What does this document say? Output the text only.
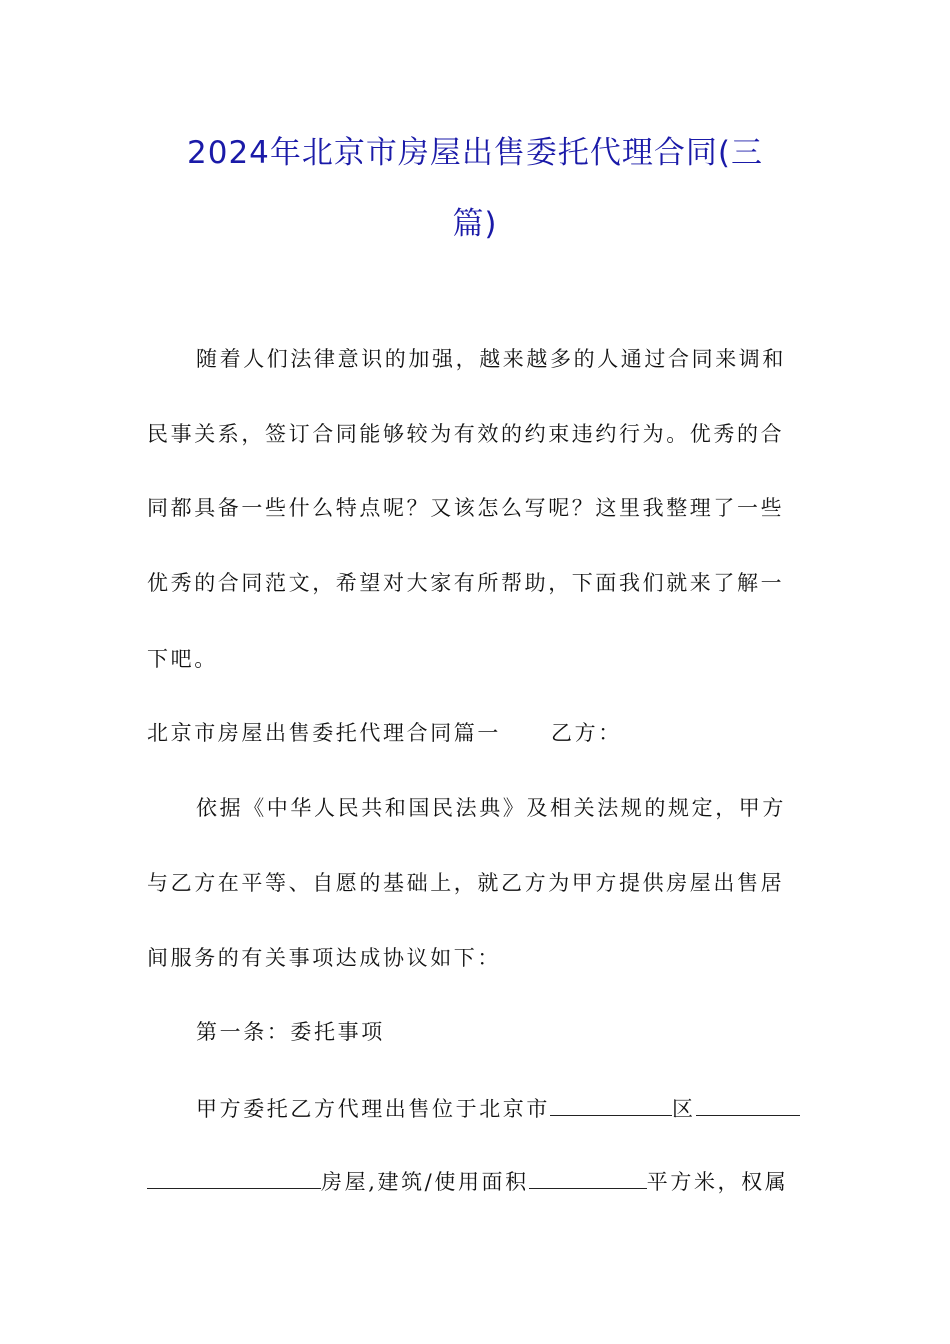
2024年北京市房屋出售委托代理合同(三
篇)
随着人们法律意识的加强，越来越多的人通过合同来调和
民事关系，签订合同能够较为有效的约束违约行为。优秀的合
同都具备一些什么特点呢？又该怎么写呢？这里我整理了一些
优秀的合同范文，希望对大家有所帮助，下面我们就来了解一
下吧。
北京市房屋出售委托代理合同篇一 乙方：
依据《中华人民共和国民法典》及相关法规的规定，甲方
与乙方在平等、自愿的基础上，就乙方为甲方提供房屋出售居
间服务的有关事项达成协议如下：
第一条：委托事项
甲方委托乙方代理出售位于北京市	区
房屋,建筑/使用面积	平方米，权属
